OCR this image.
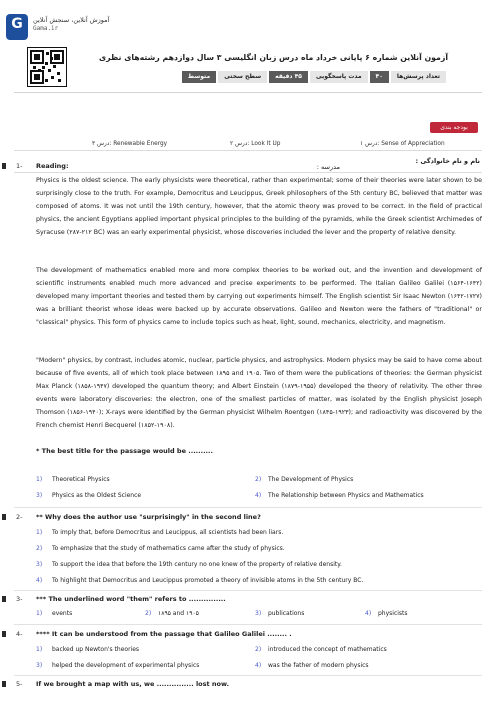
G	آموزش آنلاین، سنجش آنلاین
Gama.ir
آزمون آنلاین شماره ۶ پایانی خرداد ماه درس زبان انگلیسی ۳ سال دوازدهم رشته‌های نظری
تعداد پرسش‌ها
۴۰
مدت پاسخگویی
۴۵ دقیقه
سطح سختی
متوسط
بودجه بندی
درس ۱: Sense of Appreciation
درس ۲: Look It Up
درس ۳: Renewable Energy
نام و نام خانوادگی :
مدرسه :
1- Reading:
Physics is the oldest science. The early physicists were theoretical, rather than experimental; some of their theories were later shown to be surprisingly close to the truth. For example, Democritus and Leucippus, Greek philosophers of the 5th century BC, believed that matter was composed of atoms. It was not until the 19th century, however, that the atomic theory was proved to be correct. In the field of practical physics, the ancient Egyptians applied important physical principles to the building of the pyramids, while the Greek scientist Archimedes of Syracuse (۲۸۷-۲۱۲ BC) was an early experimental physicist, whose discoveries included the lever and the property of relative density.
The development of mathematics enabled more and more complex theories to be worked out, and the invention and development of scientific instruments enabled much more advanced and precise experiments to be performed. The Italian Galileo Galilei (۱۵۶۴-۱۶۴۲) developed many important theories and tested them by carrying out experiments himself. The English scientist Sir Isaac Newton (۱۶۴۲-۱۷۲۷) was a brilliant theorist whose ideas were backed up by accurate observations. Galileo and Newton were the fathers of "traditional" or "classical" physics. This form of physics came to include topics such as heat, light, sound, mechanics, electricity, and magnetism.
"Modern" physics, by contrast, includes atomic, nuclear, particle physics, and astrophysics. Modern physics may be said to have come about because of five events, all of which took place between ۱۸۹۵ and ۱۹۰۵. Two of them were the publications of theories: the German physicist Max Planck (۱۸۵۸-۱۹۴۷) developed the quantum theory; and Albert Einstein (۱۸۷۹-۱۹۵۵) developed the theory of relativity. The other three events were laboratory discoveries: the electron, one of the smallest particles of matter, was isolated by the English physicist Joseph Thomson (۱۸۵۶-۱۹۴۰); X-rays were identified by the German physicist Wilhelm Roentgen (۱۸۴۵-۱۹۲۳); and radioactivity was discovered by the French chemist Henri Becquerel (۱۸۵۲-۱۹۰۸).
* The best title for the passage would be ..........
1) Theoretical Physics	2) The Development of Physics
3) Physics as the Oldest Science	4) The Relationship between Physics and Mathematics
2- ** Why does the author use "surprisingly" in the second line?
1) To imply that, before Democritus and Leucippus, all scientists had been liars.
2) To emphasize that the study of mathematics came after the study of physics.
3) To support the idea that before the 19th century no one knew of the property of relative density.
4) To highlight that Democritus and Leucippus promoted a theory of invisible atoms in the 5th century BC.
3- *** The underlined word "them" refers to ...............
1) events	2) ۱۸۹۵ and ۱۹۰۵	3) publications	4) physicists
4- **** It can be understood from the passage that Galileo Galilei ........ .
1) backed up Newton's theories	2) introduced the concept of mathematics
3) helped the development of experimental physics	4) was the father of modern physics
5- If we brought a map with us, we ............... lost now.
